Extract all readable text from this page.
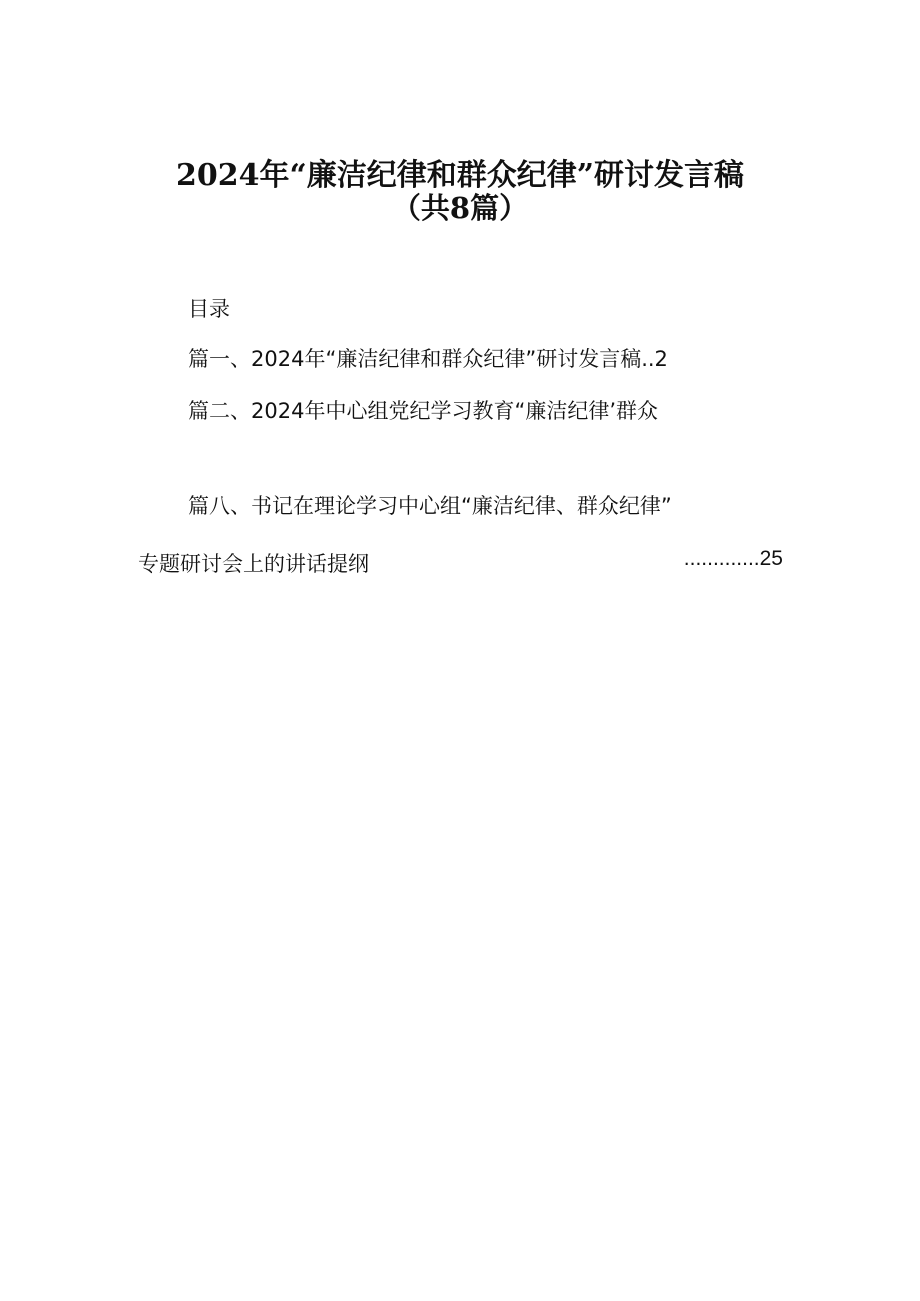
2024年“廉洁纪律和群众纪律”研讨发言稿
（共8篇）
目录
篇一、2024年“廉洁纪律和群众纪律”研讨发言稿..2
篇二、2024年中心组党纪学习教育“廉洁纪律’群众
篇八、书记在理论学习中心组“廉洁纪律、群众纪律”
专题研讨会上的讲话提纲	.............25
